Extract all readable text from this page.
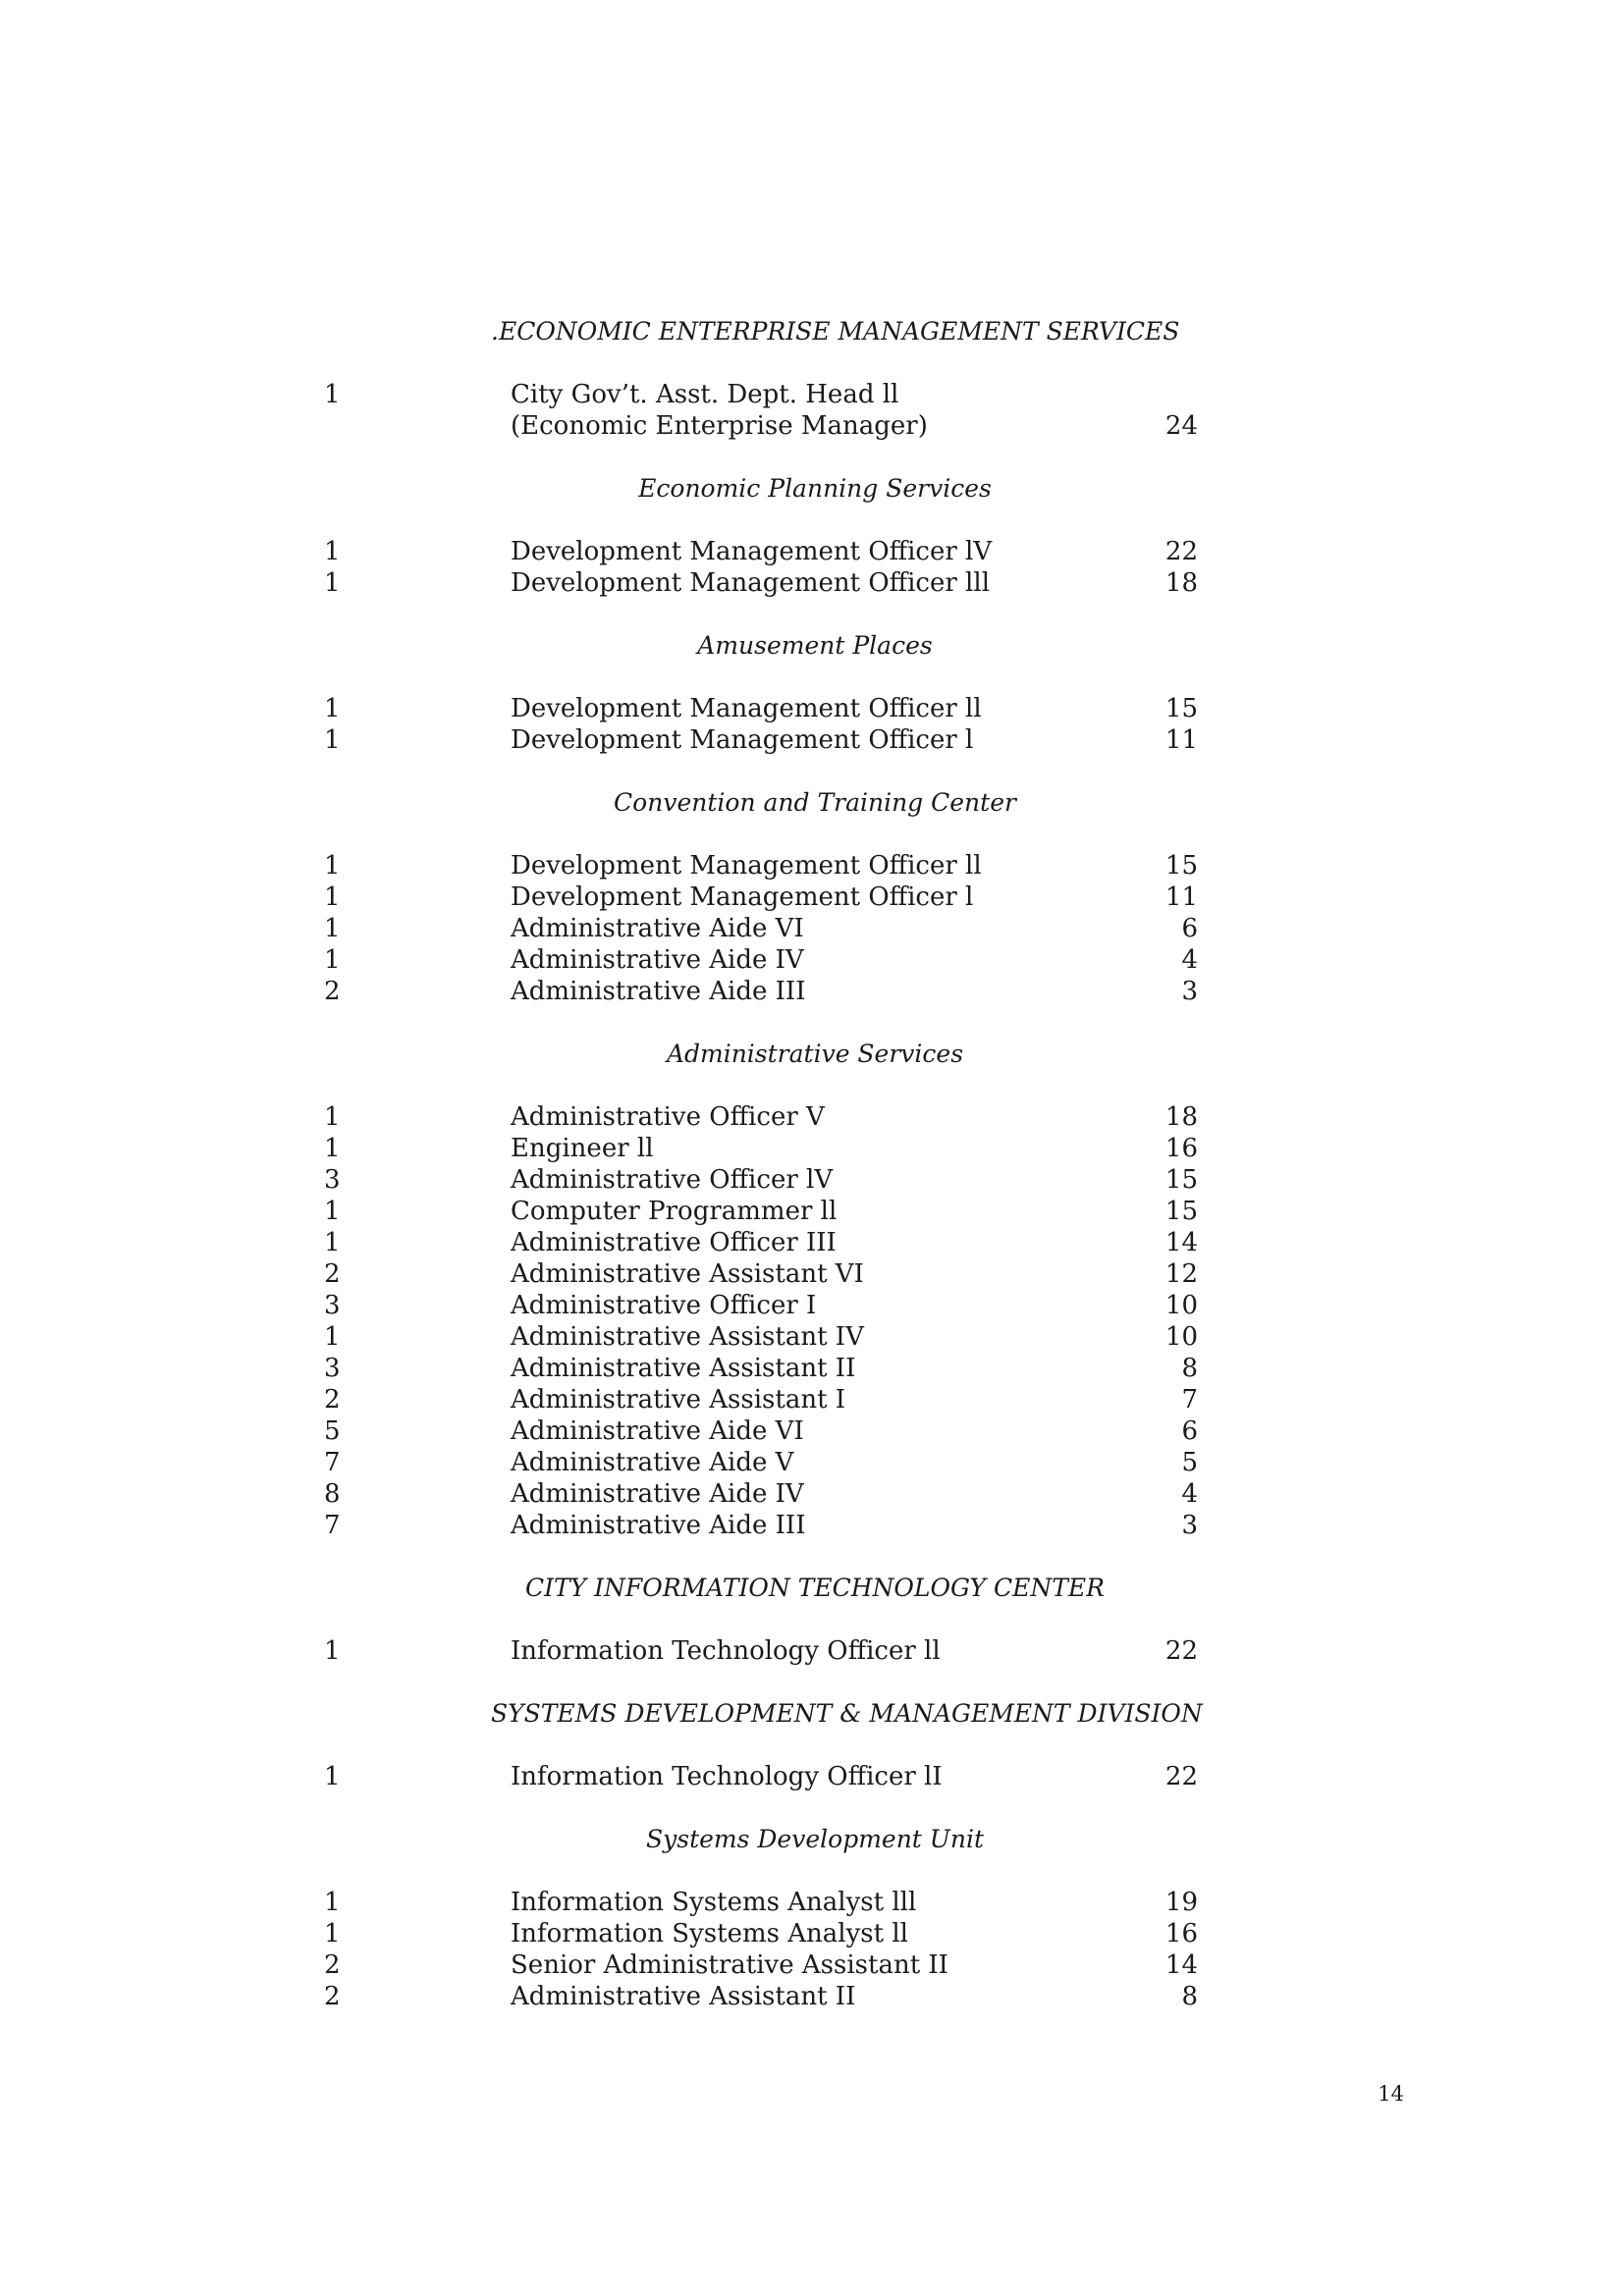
.ECONOMIC ENTERPRISE MANAGEMENT SERVICES
1	City Gov’t. Asst. Dept. Head ll
(Economic Enterprise Manager)	24
Economic Planning Services
1	Development Management Officer lV	22
1	Development Management Officer lll	18
Amusement Places
1	Development Management Officer ll	15
1	Development Management Officer l	11
Convention and Training Center
1	Development Management Officer ll	15
1	Development Management Officer l	11
1	Administrative Aide VI	6
1	Administrative Aide IV	4
2	Administrative Aide III	3
Administrative Services
1	Administrative Officer V	18
1	Engineer ll	16
3	Administrative Officer lV	15
1	Computer Programmer ll	15
1	Administrative Officer III	14
2	Administrative Assistant VI	12
3	Administrative Officer I	10
1	Administrative Assistant IV	10
3	Administrative Assistant II	8
2	Administrative Assistant I	7
5	Administrative Aide VI	6
7	Administrative Aide V	5
8	Administrative Aide IV	4
7	Administrative Aide III	3
CITY INFORMATION TECHNOLOGY CENTER
1	Information Technology Officer ll	22
SYSTEMS DEVELOPMENT & MANAGEMENT DIVISION
1	Information Technology Officer lI	22
Systems Development Unit
1	Information Systems Analyst lll	19
1	Information Systems Analyst ll	16
2	Senior Administrative Assistant II	14
2	Administrative Assistant II	8
14
